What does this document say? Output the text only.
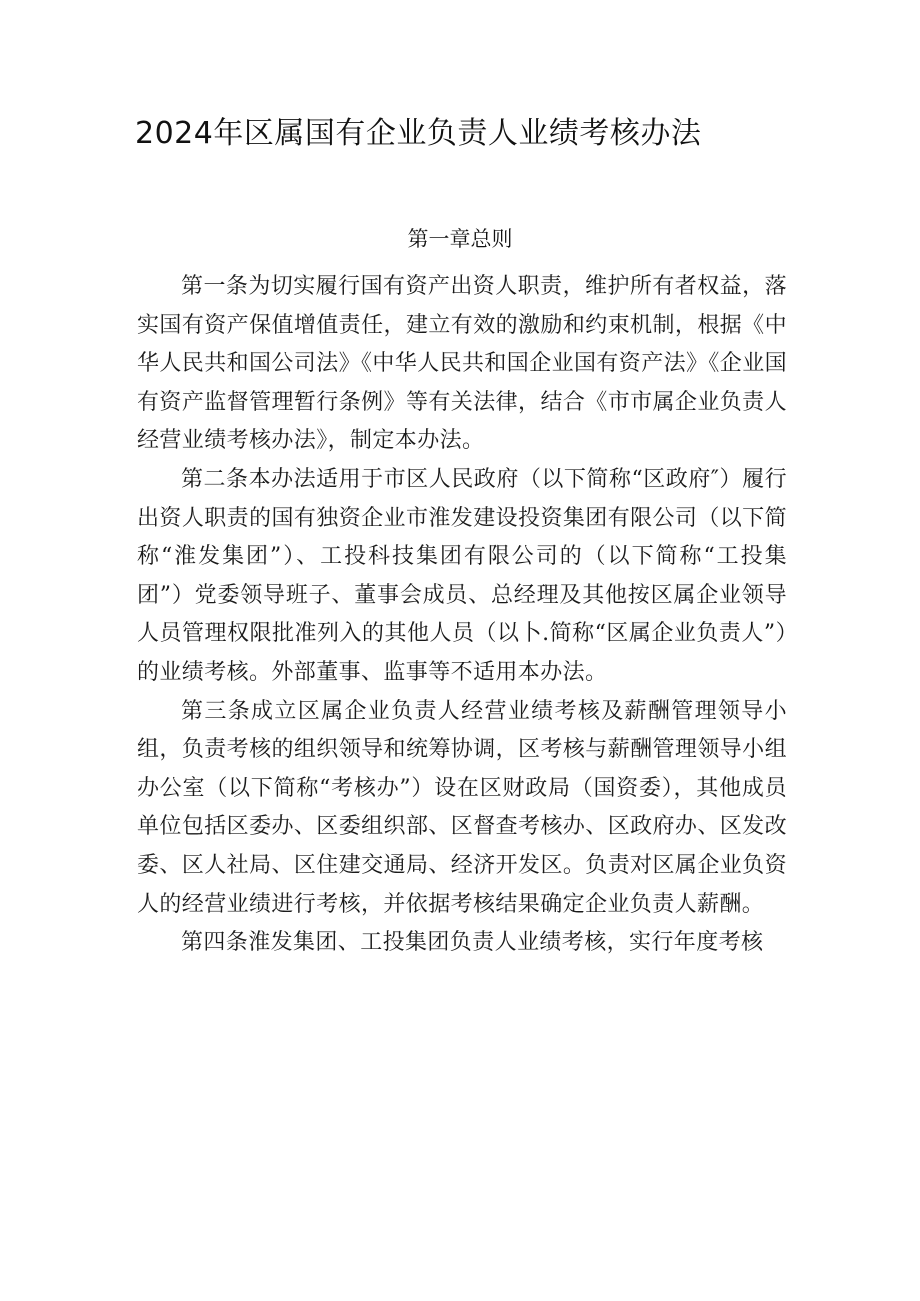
2024年区属国有企业负责人业绩考核办法
第一章总则

第一条为切实履行国有资产出资人职责，维护所有者权益，落实国有资产保值增值责任，建立有效的激励和约束机制，根据《中华人民共和国公司法》《中华人民共和国企业国有资产法》《企业国有资产监督管理暂行条例》等有关法律，结合《市市属企业负责人经营业绩考核办法》，制定本办法。

第二条本办法适用于市区人民政府（以下简称“区政府″）履行出资人职责的国有独资企业市淮发建设投资集团有限公司（以下简称“淮发集团”）、工投科技集团有限公司的（以下简称“工投集团”）党委领导班子、董事会成员、总经理及其他按区属企业领导人员管理权限批准列入的其他人员（以卜.简称“区属企业负责人”）的业绩考核。外部董事、监事等不适用本办法。

第三条成立区属企业负责人经营业绩考核及薪酬管理领导小组，负责考核的组织领导和统筹协调，区考核与薪酬管理领导小组办公室（以下简称“考核办”）设在区财政局（国资委），其他成员单位包括区委办、区委组织部、区督查考核办、区政府办、区发改委、区人社局、区住建交通局、经济开发区。负责对区属企业负资人的经营业绩进行考核，并依据考核结果确定企业负责人薪酬。

第四条淮发集团、工投集团负责人业绩考核，实行年度考核
